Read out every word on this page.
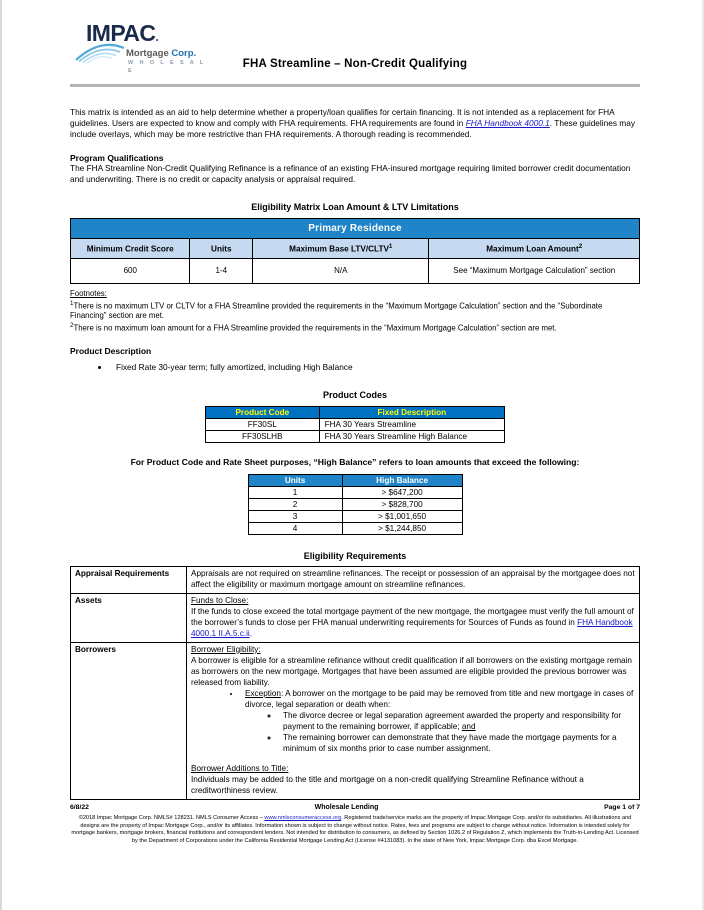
IMPAC.
Mortgage Corp.
W H O L E S A L E
FHA Streamline – Non-Credit Qualifying
This matrix is intended as an aid to help determine whether a property/loan qualifies for certain financing. It is not intended as a replacement for FHA guidelines. Users are expected to know and comply with FHA requirements. FHA requirements are found in FHA Handbook 4000.1. These guidelines may include overlays, which may be more restrictive than FHA requirements. A thorough reading is recommended.
Program Qualifications
The FHA Streamline Non-Credit Qualifying Refinance is a refinance of an existing FHA-insured mortgage requiring limited borrower credit documentation and underwriting. There is no credit or capacity analysis or appraisal required.
Eligibility Matrix Loan Amount & LTV Limitations
Primary Residence			
Minimum Credit Score	Units	Maximum Base LTV/CLTV$^1$	Maximum Loan Amount$^2$
600	1-4	N/A	See “Maximum Mortgage Calculation” section
Footnotes:
$^1$There is no maximum LTV or CLTV for a FHA Streamline provided the requirements in the “Maximum Mortgage Calculation” section and the “Subordinate Financing” section are met.
$^2$There is no maximum loan amount for a FHA Streamline provided the requirements in the “Maximum Mortgage Calculation” section are met.
Product Description
• Fixed Rate 30-year term; fully amortized, including High Balance
Product Codes
Product Code	Fixed Description
FF30SL	FHA 30 Years Streamline
FF30SLHB	FHA 30 Years Streamline High Balance
For Product Code and Rate Sheet purposes, “High Balance” refers to loan amounts that exceed the following:
Units	High Balance
1	> $647,200
2	> $828,700
3	> $1,001,650
4	> $1,244,850
Eligibility Requirements
Appraisal Requirements	Appraisals are not required on streamline refinances. The receipt or possession of an appraisal by the mortgagee does not affect the eligibility or maximum mortgage amount on streamline refinances.

Assets	Funds to Close:

If the funds to close exceed the total mortgage payment of the new mortgage, the mortgagee must verify the full amount of the borrower’s funds to close per FHA manual underwriting requirements for Sources of Funds as found in FHA Handbook 4000.1 II.A.5.c.ii.

Borrowers	Borrower Eligibility:

A borrower is eligible for a streamline refinance without credit qualification if all borrowers on the existing mortgage remain as borrowers on the new mortgage. Mortgages that have been assumed are eligible provided the previous borrower was released from liability.

• Exception: A borrower on the mortgage to be paid may be removed from title and new mortgage in cases of divorce, legal separation or death when:
◦ The divorce decree or legal separation agreement awarded the property and responsibility for payment to the remaining borrower, if applicable; and
◦ The remaining borrower can demonstrate that they have made the mortgage payments for a minimum of six months prior to case number assignment.

Borrower Additions to Title:

Individuals may be added to the title and mortgage on a non-credit qualifying Streamline Refinance without a creditworthiness review.

6/8/22	Wholesale Lending	Page 1 of 7
©2018 Impac Mortgage Corp. NMLS# 128231. NMLS Consumer Access – www.nmlsconsumeraccess.org. Registered trade/service marks are the property of Impac Mortgage Corp. and/or its subsidiaries. All illustrations and designs are the property of Impac Mortgage Corp., and/or its affiliates. Information shown is subject to change without notice. Rates, fees and programs are subject to change without notice. Information is intended solely for mortgage bankers, mortgage brokers, financial institutions and correspondent lenders. Not intended for distribution to consumers, as defined by Section 1026.2 of Regulation Z, which implements the Truth-in-Lending Act. Licensed by the Department of Corporations under the California Residential Mortgage Lending Act (License #4131083). In the state of New York, Impac Mortgage Corp. dba Excel Mortgage.
